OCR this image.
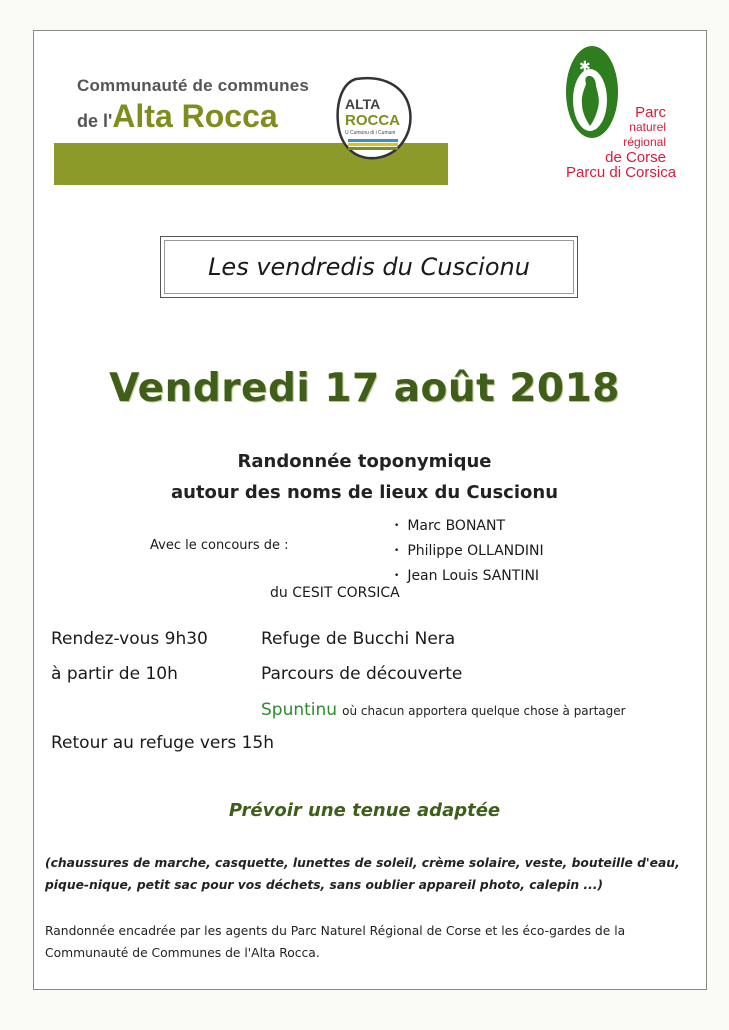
Communauté de communes
de l'Alta Rocca	ALTA
ROCCA
U Cumunu di i Cumuni
✱
Parc
naturel
régional
de Corse
Parcu di Corsica
Les vendredis du Cuscionu
Vendredi 17 août 2018
Randonnée toponymique
autour des noms de lieux du Cuscionu
Avec le concours de :
• Marc BONANT
• Philippe OLLANDINI
• Jean Louis SANTINI
du CESIT CORSICA
Rendez-vous 9h30	Refuge de Bucchi Nera
à partir de 10h	Parcours de découverte
Spuntinu où chacun apportera quelque chose à partager
Retour au refuge vers 15h
Prévoir une tenue adaptée
(chaussures de marche, casquette, lunettes de soleil, crème solaire, veste, bouteille d'eau,
pique-nique, petit sac pour vos déchets, sans oublier appareil photo, calepin ...)
Randonnée encadrée par les agents du Parc Naturel Régional de Corse et les éco-gardes de la
Communauté de Communes de l'Alta Rocca.
